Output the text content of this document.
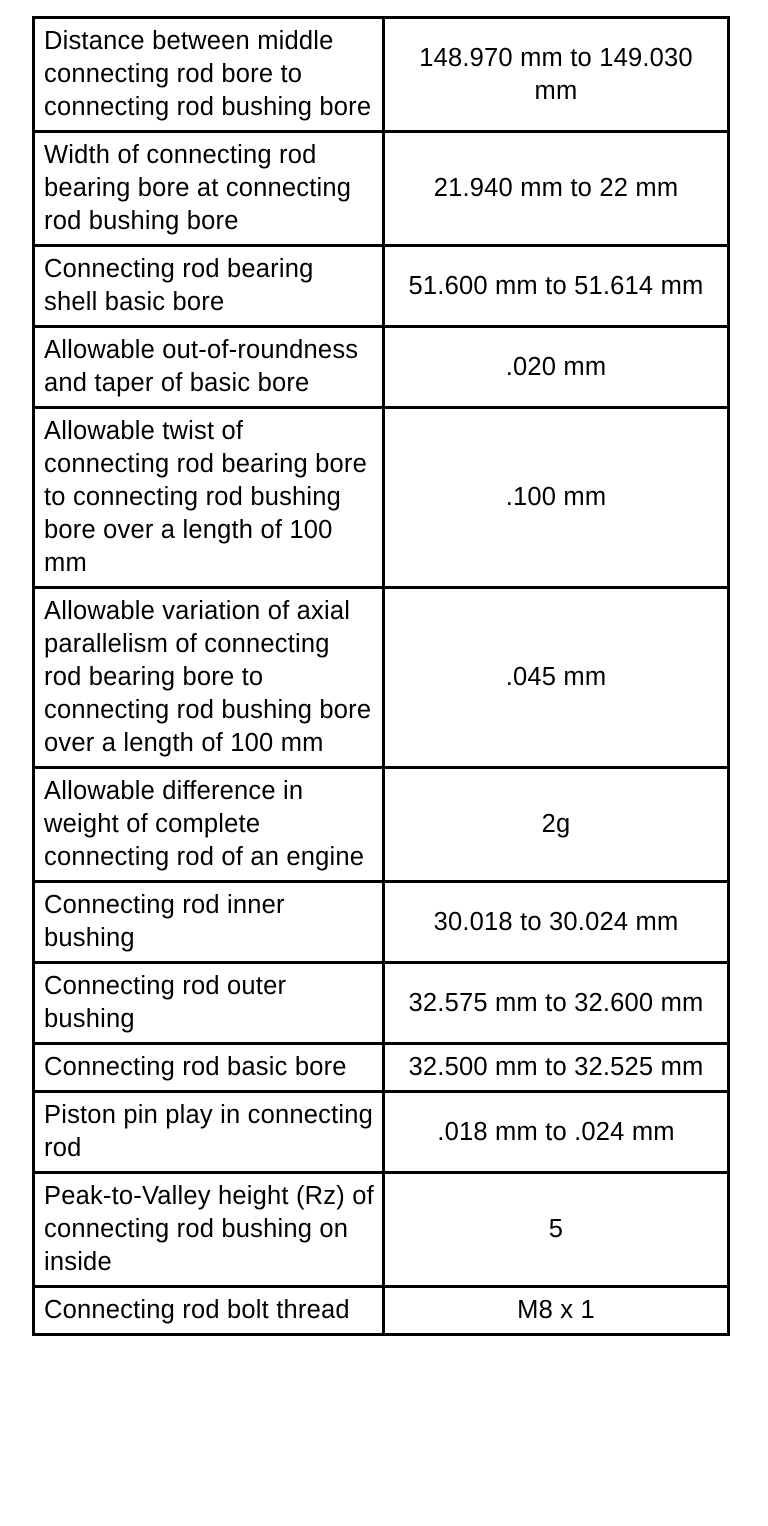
Distance between middle connecting rod bore to connecting rod bushing bore	148.970 mm to 149.030 mm
Width of connecting rod bearing bore at connecting rod bushing bore	21.940 mm to 22 mm
Connecting rod bearing shell basic bore	51.600 mm to 51.614 mm
Allowable out-of-roundness and taper of basic bore	.020 mm
Allowable twist of connecting rod bearing bore to connecting rod bushing bore over a length of 100 mm	.100 mm
Allowable variation of axial parallelism of connecting rod bearing bore to connecting rod bushing bore over a length of 100 mm	.045 mm
Allowable difference in weight of complete connecting rod of an engine	2g
Connecting rod inner bushing	30.018 to 30.024 mm
Connecting rod outer bushing	32.575 mm to 32.600 mm
Connecting rod basic bore	32.500 mm to 32.525 mm
Piston pin play in connecting rod	.018 mm to .024 mm
Peak-to-Valley height (Rz) of connecting rod bushing on inside	5
Connecting rod bolt thread	M8 x 1
